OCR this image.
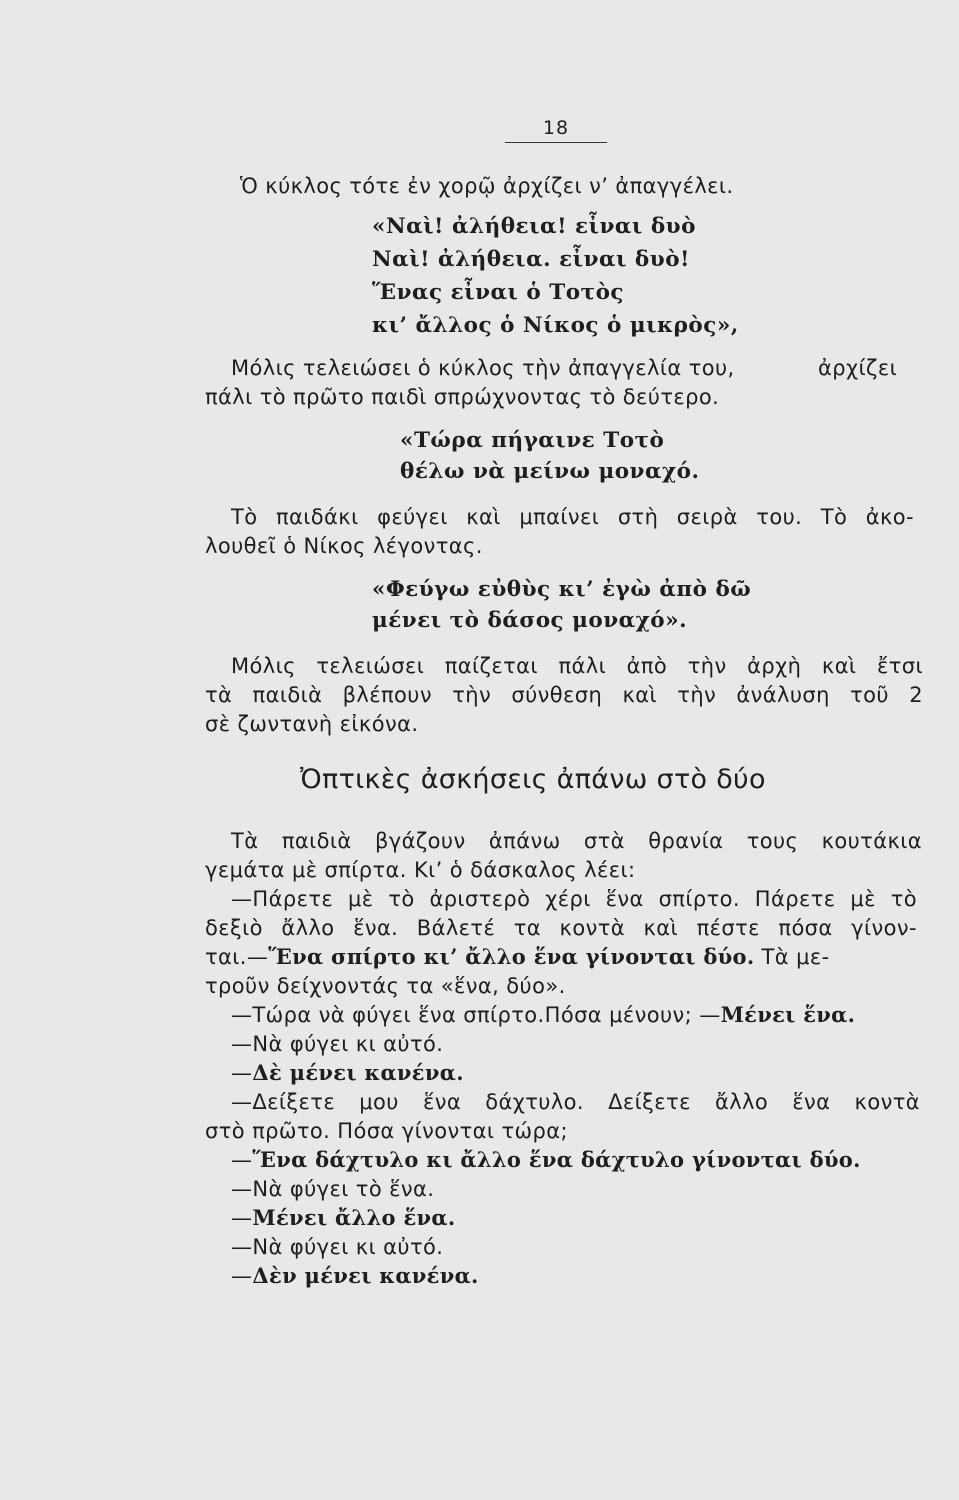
18
Ὁ κύκλος τότε ἐν χορῷ ἀρχίζει ν’ ἀπαγγέλει.
«Ναὶ! ἀλήθεια! εἶναι δυὸ
Ναὶ! ἀλήθεια. εἶναι δυὸ!
Ἕνας εἶναι ὁ Τοτὸς
κι’ ἄλλος ὁ Νίκος ὁ μικρὸς»,
Μόλις τελειώσει ὁ κύκλος τὴν ἀπαγγελία του,	ἀρχίζει
πάλι τὸ πρῶτο παιδὶ σπρώχνοντας τὸ δεύτερο.
«Τώρα πήγαινε Τοτὸ
θέλω νὰ μείνω μοναχό.
Τὸ παιδάκι φεύγει καὶ μπαίνει στὴ σειρὰ του. Τὸ ἀκο-
λουθεῖ ὁ Νίκος λέγοντας.
«Φεύγω εὐθὺς κι’ ἐγὼ ἀπὸ δῶ
μένει τὸ δάσος μοναχό».
Μόλις τελειώσει παίζεται πάλι ἀπὸ τὴν ἀρχὴ καὶ ἔτσι
τὰ παιδιὰ βλέπουν τὴν σύνθεση καὶ τὴν ἀνάλυση τοῦ 2
σὲ ζωντανὴ εἰκόνα.
Ὀπτικὲς ἀσκήσεις ἀπάνω στὸ δύο
Τὰ παιδιὰ βγάζουν ἀπάνω στὰ θρανία τους κουτάκια
γεμάτα μὲ σπίρτα. Κι’ ὁ δάσκαλος λέει:
—Πάρετε μὲ τὸ ἀριστερὸ χέρι ἕνα σπίρτο. Πάρετε μὲ τὸ
δεξιὸ ἄλλο ἕνα. Βάλετέ τα κοντὰ καὶ πέστε πόσα γίνον-
ται.—Ἕνα σπίρτο κι’ ἄλλο ἕνα γίνονται δύο. Τὰ με-
τροῦν δείχνοντάς τα «ἕνα, δύο».
—Τώρα νὰ φύγει ἕνα σπίρτο.Πόσα μένουν; —Μένει ἕνα.
—Νὰ φύγει κι αὐτό.
—Δὲ μένει κανένα.
—Δείξετε μου ἕνα δάχτυλο. Δείξετε ἄλλο ἕνα κοντὰ
στὸ πρῶτο. Πόσα γίνονται τώρα;
—Ἕνα δάχτυλο κι ἄλλο ἕνα δάχτυλο γίνονται δύο.
—Νὰ φύγει τὸ ἕνα.
—Μένει ἄλλο ἕνα.
—Νὰ φύγει κι αὐτό.
—Δὲν μένει κανένα.
